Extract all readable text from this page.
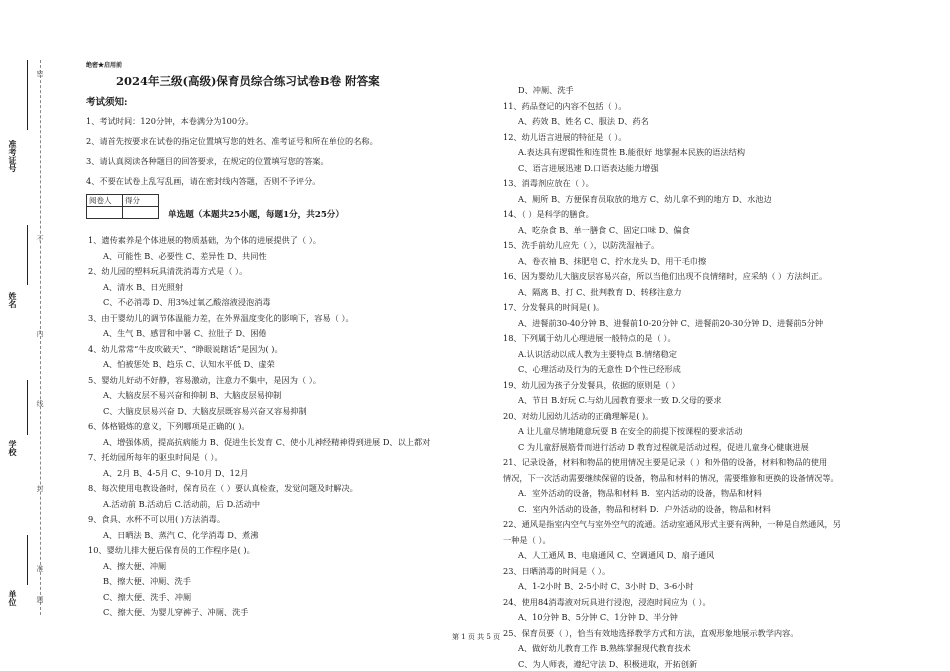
密
不
内
线
封
准
题
准考证号
姓名
学校
单位
绝密★启用前
2024年三级(高级)保育员综合练习试卷B卷 附答案
考试须知:
1、考试时间：120分钟，本卷满分为100分。
2、请首先按要求在试卷的指定位置填写您的姓名、准考证号和所在单位的名称。
3、请认真阅读各种题目的回答要求，在规定的位置填写您的答案。
4、不要在试卷上乱写乱画，请在密封线内答题，否则不予评分。
阅卷人	得分

单选题（本题共25小题，每题1分，共25分）
1、遗传素养是个体进展的物质基础，为个体的进展提供了（ ）。
A、可能性 B、必要性 C、差异性 D、共同性
2、幼儿园的塑料玩具清洗消毒方式是（ ）。
A、清水 B、日光照射
C、不必消毒 D、用3%过氧乙酸溶液浸泡消毒
3、由于婴幼儿的调节体温能力差，在外界温度变化的影响下，容易（ ）。
A、生气 B、感冒和中暑 C、拉肚子 D、困倦
4、幼儿常常“牛皮吹破天”、“睁眼说瞎话”是因为( )。
A、怕被惩处 B、趋乐 C、认知水平低 D、虚荣
5、婴幼儿好动不好静，容易激动，注意力不集中，是因为（ ）。
A、大脑皮层不易兴奋和抑制 B、大脑皮层易抑制
C、大脑皮层易兴奋 D、大脑皮层既容易兴奋又容易抑制
6、体格锻炼的意义，下列哪项是正确的( )。
A、增强体质，提高抗病能力 B、促进生长发育 C、使小儿神经精神得到进展 D、以上都对
7、托幼园所每年的驱虫时间是（ ）。
A、2月 B、4-5月 C、9-10月 D、12月
8、每次使用电教设备时，保育员在（ ）要认真检查，发觉问题及时解决。
A.活动前 B.活动后 C.活动前，后 D.活动中
9、食具、水杯不可以用( )方法消毒。
A、日晒法 B、蒸汽 C、化学消毒 D、煮沸
10、婴幼儿排大便后保育员的工作程序是( )。
A、擦大便、冲厕
B、擦大便、冲厕、洗手
C、擦大便、洗手、冲厕
C、擦大便、为婴儿穿裤子、冲厕、洗手
D、冲厕、洗手
11、药品登记的内容不包括（ ）。
A、药效 B、姓名 C、服法 D、药名
12、幼儿语言进展的特征是（ ）。
A.表达具有逻辑性和连贯性 B.能很好 地掌握本民族的语法结构
C、语言进展迅速 D.口语表达能力增强
13、消毒剂应放在（ ）。
A、厕所 B、方便保育员取放的地方 C、幼儿拿不到的地方 D、水池边
14、（ ）是科学的膳食。
A、吃杂食 B、单一膳食 C、固定口味 D、偏食
15、洗手前幼儿应先（ ），以防洗湿袖子。
A、卷衣袖 B、抹肥皂 C、拧水龙头 D、用干毛巾擦
16、因为婴幼儿大脑皮层容易兴奋，所以当他们出现不良情绪时，应采纳（ ）方法纠正。
A、隔离 B、打 C、批判教育 D、转移注意力
17、分发餐具的时间是( )。
A、进餐前30-40分钟 B、进餐前10-20分钟 C、进餐前20-30分钟 D、进餐前5分钟
18、下列属于幼儿心理进展一般特点的是（ ）。
A.认识活动以成人教为主要特点 B.情绪稳定
C、心理活动及行为的无意性 D个性已经形成
19、幼儿园为孩子分发餐具，依据的原则是（ ）
A、节日 B.好玩 C.与幼儿园教育要求一致 D.父母的要求
20、对幼儿园幼儿活动的正确理解是( )。
A 让儿童尽情地随意玩耍 B 在安全的前提下按课程的要求活动
C 为儿童舒展筋骨而进行活动 D 教育过程就是活动过程，促进儿童身心健康进展
21、记录设备，材料和物品的使用情况主要是记录（ ）和外借的设备，材料和物品的使用
情况，下一次活动需要继续保留的设备，物品和材料的情况，需要维修和更换的设备情况等。
A．室外活动的设备，物品和材料 B．室内活动的设备，物品和材料
C．室内外活动的设备，物品和材料 D．户外活动的设备，物品和材料
22、通风是指室内空气与室外空气的流通。活动室通风形式主要有两种，一种是自然通风，另
一种是（ ）。
A、人工通风 B、电扇通风 C、空调通风 D、扇子通风
23、日晒消毒的时间是（ ）。
A、1-2小时 B、2-5小时 C、3小时 D、3-6小时
24、使用84消毒液对玩具进行浸泡，浸泡时间应为（ ）。
A、10分钟 B、5分钟 C、1分钟 D、半分钟
25、保育员要（ ），恰当有效地选择教学方式和方法，直观形象地展示教学内容。
A、做好幼儿教育工作 B.熟练掌握现代教育技术
C、为人师表，遵纪守法 D、积极进取，开拓创新
第 1 页 共 5 页
